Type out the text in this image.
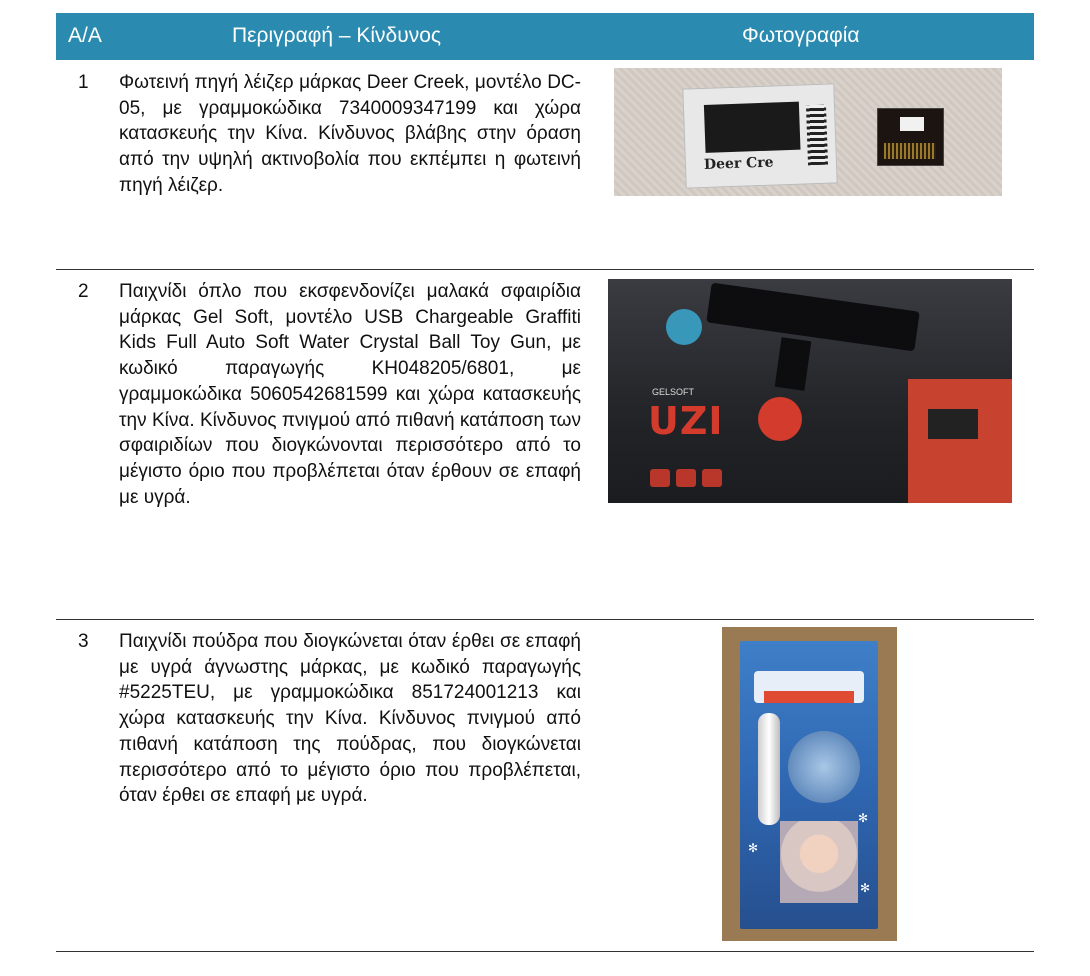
Α/Α	Περιγραφή – Κίνδυνος	Φωτογραφία
1 Φωτεινή πηγή λέιζερ μάρκας Deer Creek, μοντέλο DC-05, με γραμμοκώδικα 7340009347199 και χώρα κατασκευής την Κίνα. Κίνδυνος βλάβης στην όραση από την υψηλή ακτινοβολία που εκπέμπει η φωτεινή πηγή λέιζερ.
Deer Cre
2 Παιχνίδι όπλο που εκσφενδονίζει μαλακά σφαιρίδια μάρκας Gel Soft, μοντέλο USB Chargeable Graffiti Kids Full Auto Soft Water Crystal Ball Toy Gun, με κωδικό παραγωγής KH048205/6801, με γραμμοκώδικα 5060542681599 και χώρα κατασκευής την Κίνα. Κίνδυνος πνιγμού από πιθανή κατάποση των σφαιριδίων που διογκώνονται περισσότερο από το μέγιστο όριο που προβλέπεται όταν έρθουν σε επαφή με υγρά.
GELSOFT
UZI
3 Παιχνίδι πούδρα που διογκώνεται όταν έρθει σε επαφή με υγρά άγνωστης μάρκας, με κωδικό παραγωγής #5225TEU, με γραμμοκώδικα 851724001213 και χώρα κατασκευής την Κίνα. Κίνδυνος πνιγμού από πιθανή κατάποση της πούδρας, που διογκώνεται περισσότερο από το μέγιστο όριο που προβλέπεται, όταν έρθει σε επαφή με υγρά.
✻
✻
✻
